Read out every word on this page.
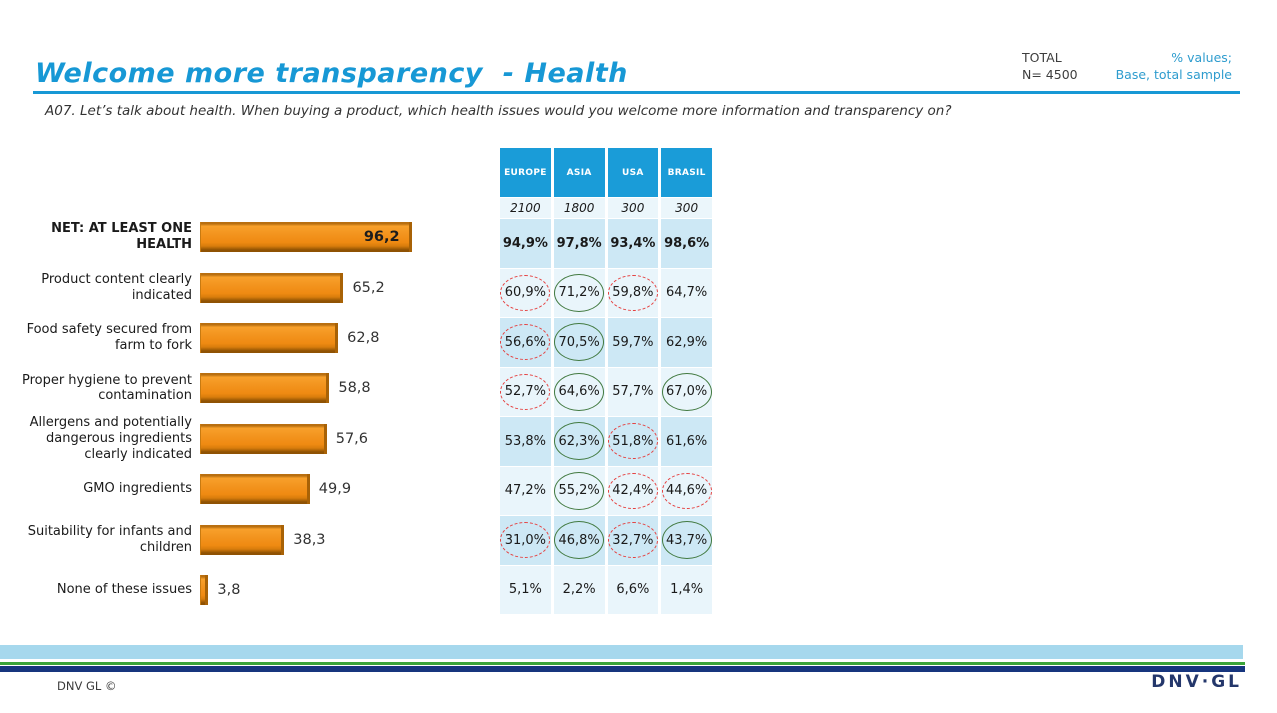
Welcome more transparency  - Health
TOTAL
N= 4500
% values;
Base, total sample
A07. Let’s talk about health. When buying a product, which health issues would you welcome more information and transparency on?
NET: AT LEAST ONE HEALTH	96,2
Product content clearly indicated	65,2
Food safety secured from farm to fork	62,8
Proper hygiene to prevent contamination	58,8
Allergens and potentially dangerous ingredients clearly indicated
57,6
GMO ingredients	49,9
Suitability for infants and children	38,3
None of these issues 3,8
EUROPE	ASIA	USA	BRASIL
2100	1800	300	300
94,9% 97,8% 93,4% 98,6%
60,9% 71,2% 59,8% 64,7%
56,6% 70,5% 59,7% 62,9%
52,7% 64,6% 57,7% 67,0%
53,8% 62,3% 51,8% 61,6%
47,2% 55,2% 42,4% 44,6%
31,0% 46,8% 32,7% 43,7%
5,1%	2,2%	6,6%	1,4%
DNV GL ©	DNV·GL
